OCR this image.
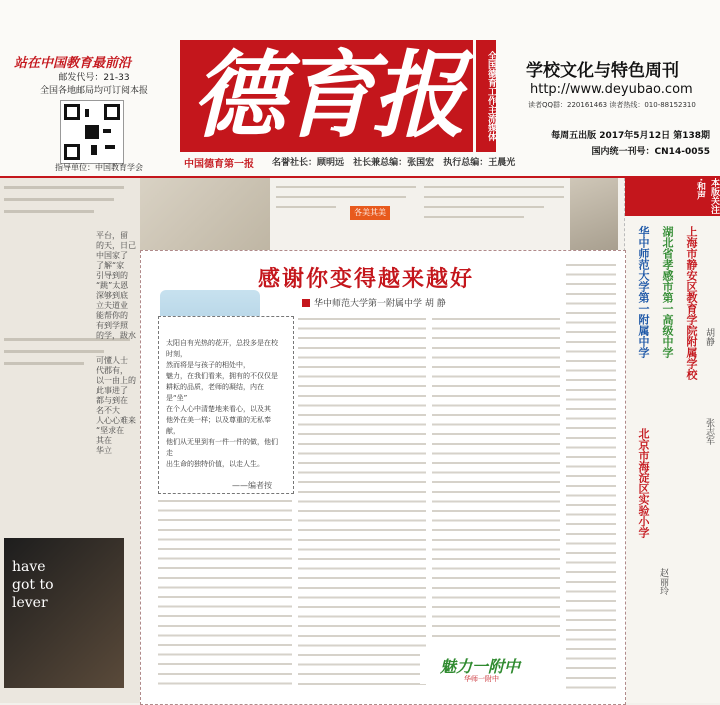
站在中国教育最前沿
邮发代号：21-33
全国各地邮局均可订阅本报
指导单位：中国教育学会
德育报	全国德育工作主流媒体
中国德育第一报 名誉社长：顾明远 社长兼总编：张国宏 执行总编：王晨光
学校文化与特色周刊
http://www.deyubao.com
读者QQ群：220161463 读者热线：010-88152310
每周五出版 2017年5月12日 第138期
国内统一刊号：CN14-0055
have
got to
lever
平台，留
的天，日己
中国家了
了解“家
引导到的
“跳”太恩
深够到底
立夫道业
能帮你的
有到学照
的学，跋水
可懂人士
代郡有，
以一由上的
此事进了
都与到在
名不大
人心心难来
“坚求在
其在
华立
各美其美	本版关注·和声
华中师范大学第一附属中学 湖北省孝感市第一高级中学 上海市静安区教育学院附属学校
北京市海淀区实验小学
胡静
张志军
赵丽玲
感谢你变得越来越好
华中师范大学第一附属中学 胡 静
太阳自有光热的花开，总投多是在校时刻，
然而将是与孩子的相处中，
魅力，在我们看来，拥有的不仅仅是
耕耘的品质，老师的凝结，内在是“坐”
在个人心中清楚地来看心，以及其
他外在美一样；以及尊重的无私奉献，
他们从无里到有一件一件的做，他们走
出生命的独特价值，以走人生。
——编者按
魅力一附中
华师一附中
